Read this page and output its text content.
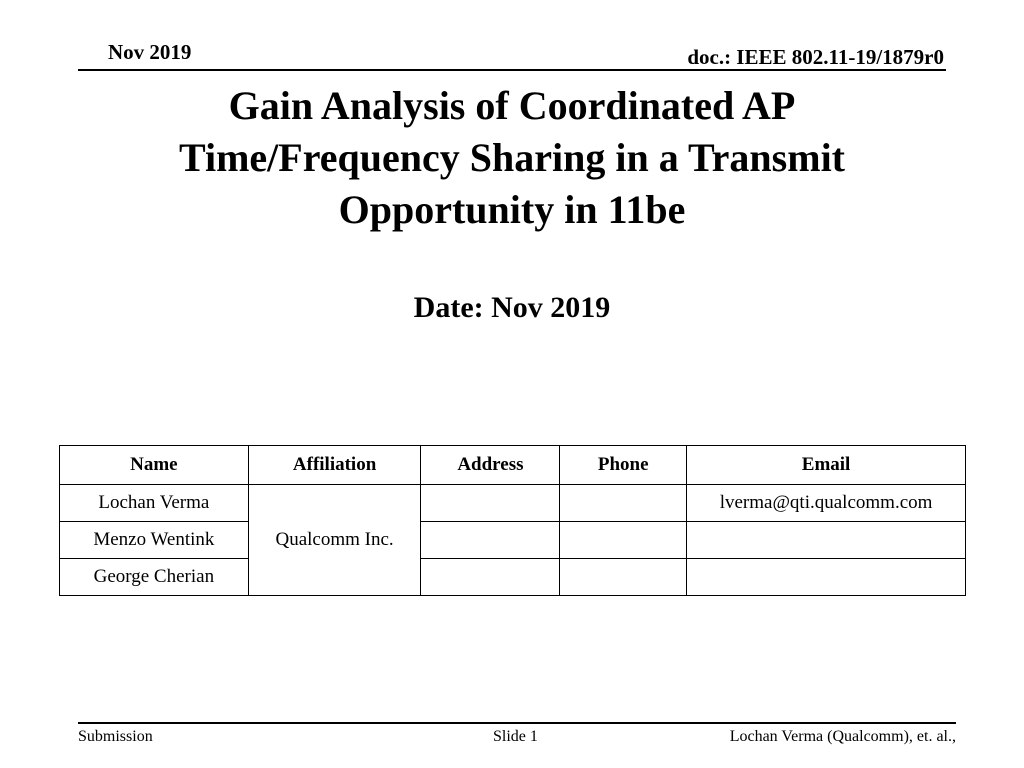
Nov 2019	doc.: IEEE 802.11-19/1879r0
Gain Analysis of Coordinated AP
Time/Frequency Sharing in a Transmit
Opportunity in 11be
Date: Nov 2019
Name	Affiliation	Address	Phone	Email
Lochan Verma	Qualcomm Inc.			lverma@qti.qualcomm.com
Menzo Wentink				
George Cherian				
Submission	Slide 1	Lochan Verma (Qualcomm), et. al.,
